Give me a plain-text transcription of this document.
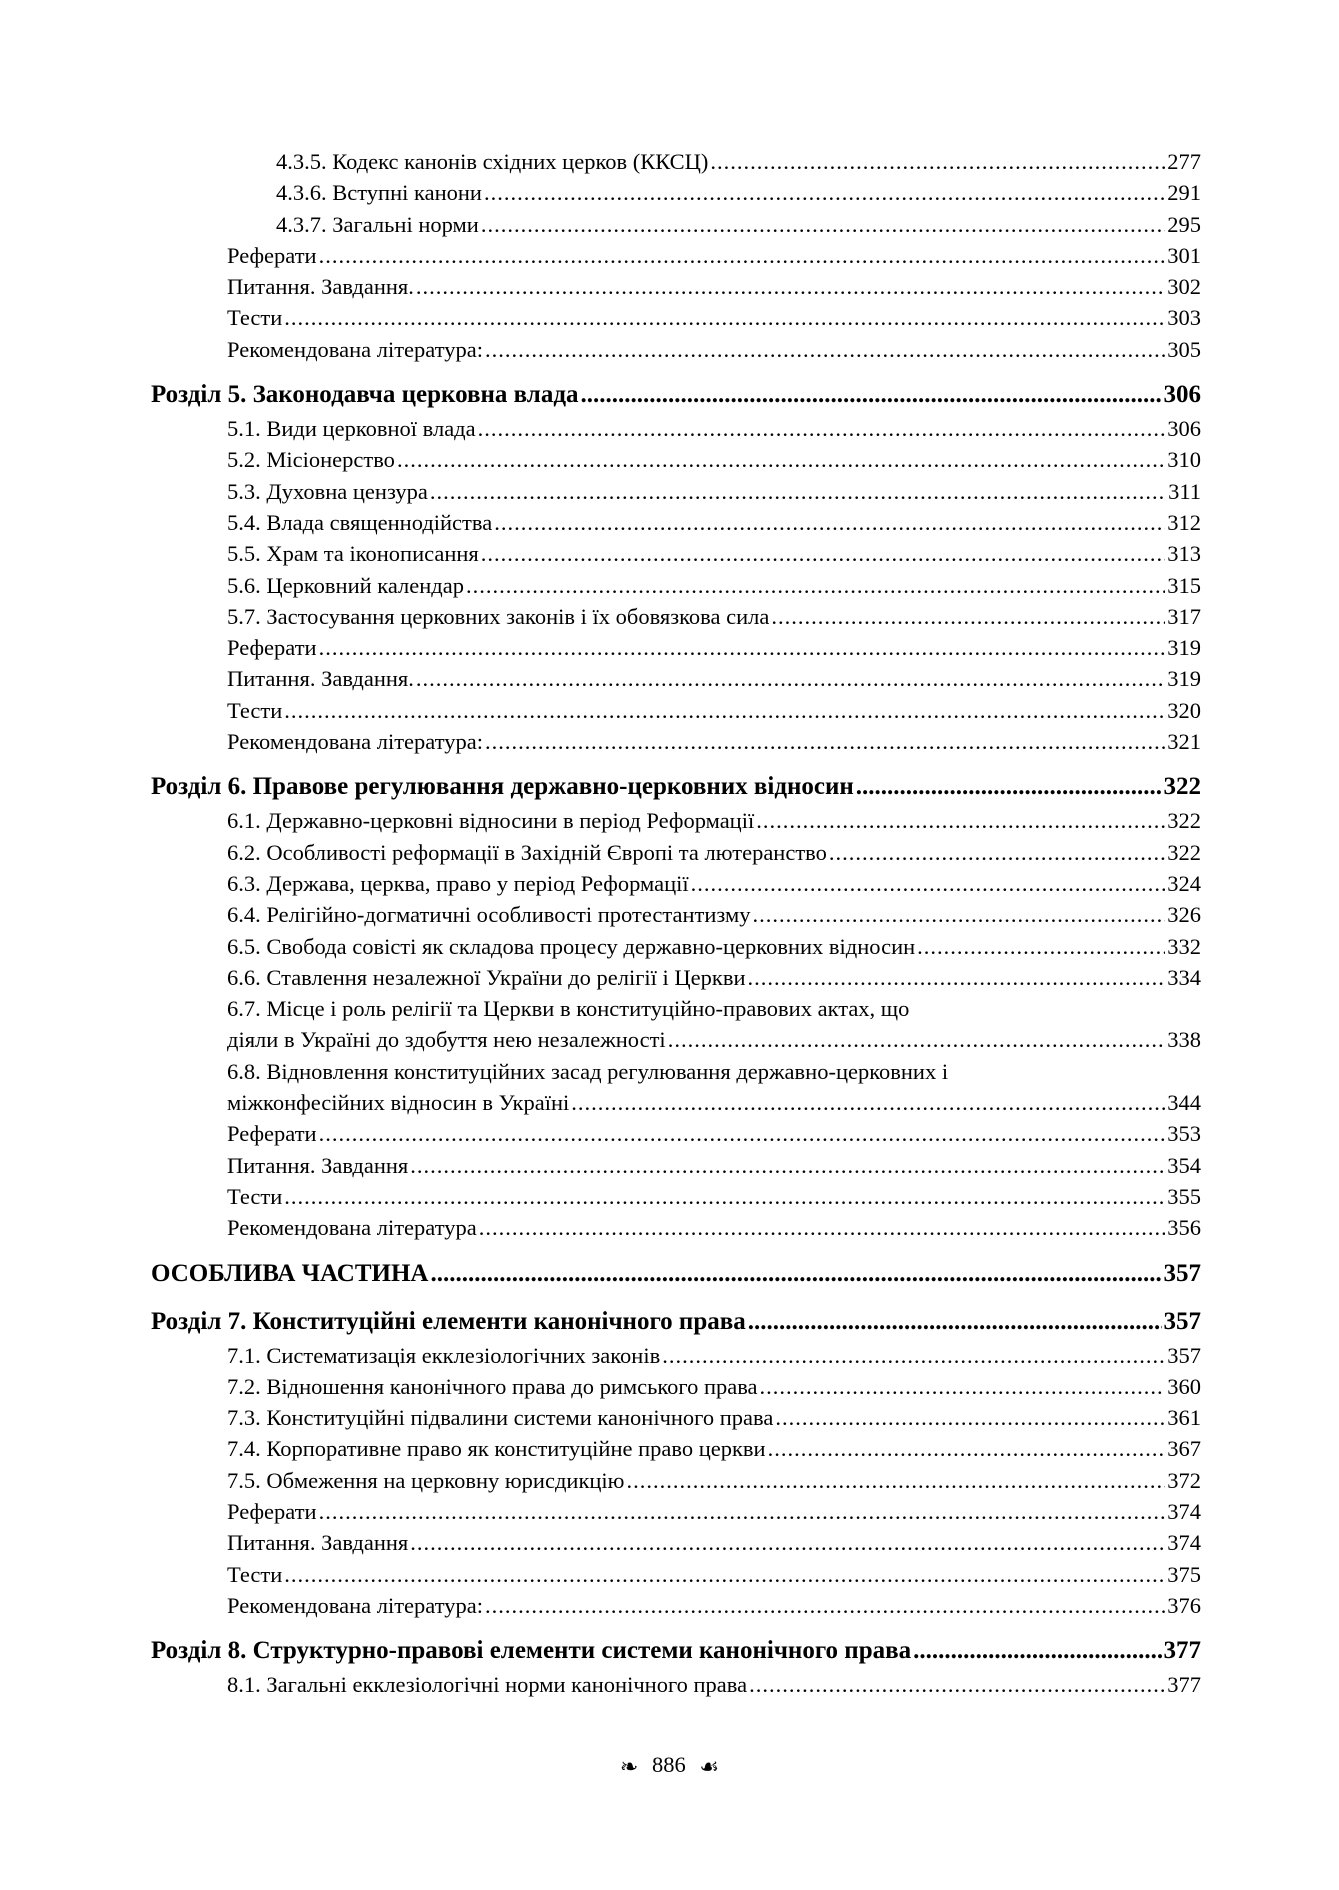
4.3.5. Кодекс канонів східних церков (ККСЦ) .....	277
4.3.6. Вступні канони .....	291
4.3.7. Загальні норми .....	295
Реферати .....	301
Питання. Завдання. .....	302
Тести .....	303
Рекомендована література: .....	305
Розділ 5. Законодавча церковна влада .....	306
5.1. Види церковної влада .....	306
5.2. Місіонерство .....	310
5.3. Духовна цензура .....	311
5.4. Влада священнодійства .....	312
5.5. Храм та іконописання .....	313
5.6. Церковний календар .....	315
5.7. Застосування церковних законів і їх обовязкова сила .....	317
Реферати .....	319
Питання. Завдання. .....	319
Тести .....	320
Рекомендована література: .....	321
Розділ 6. Правове регулювання державно-церковних відносин .....	322
6.1. Державно-церковні відносини в період Реформації .....	322
6.2. Особливості реформації в Західній Європі та лютеранство .....	322
6.3. Держава, церква, право у період Реформації .....	324
6.4. Релігійно-догматичні особливості протестантизму .....	326
6.5. Свобода совісті як складова процесу державно-церковних відносин .....	332
6.6. Ставлення незалежної України до релігії і Церкви .....	334
6.7. Місце і роль релігії та Церкви в конституційно-правових актах, що
діяли в Україні до здобуття нею незалежності .....	338
6.8. Відновлення конституційних засад регулювання державно-церковних і
міжконфесійних відносин в Україні .....	344
Реферати .....	353
Питання. Завдання .....	354
Тести .....	355
Рекомендована література .....	356
ОСОБЛИВА ЧАСТИНА .....	357
Розділ 7. Конституційні елементи канонічного права .....	357
7.1. Систематизація екклезіологічних законів .....	357
7.2. Відношення канонічного права до римського права .....	360
7.3. Конституційні підвалини системи канонічного права .....	361
7.4. Корпоративне право як конституційне право церкви .....	367
7.5. Обмеження на церковну юрисдикцію .....	372
Реферати .....	374
Питання. Завдання .....	374
Тести .....	375
Рекомендована література: .....	376
Розділ 8. Структурно-правові елементи системи канонічного права .....	377
8.1. Загальні екклезіологічні норми канонічного права .....	377
❧ 886 ☙
